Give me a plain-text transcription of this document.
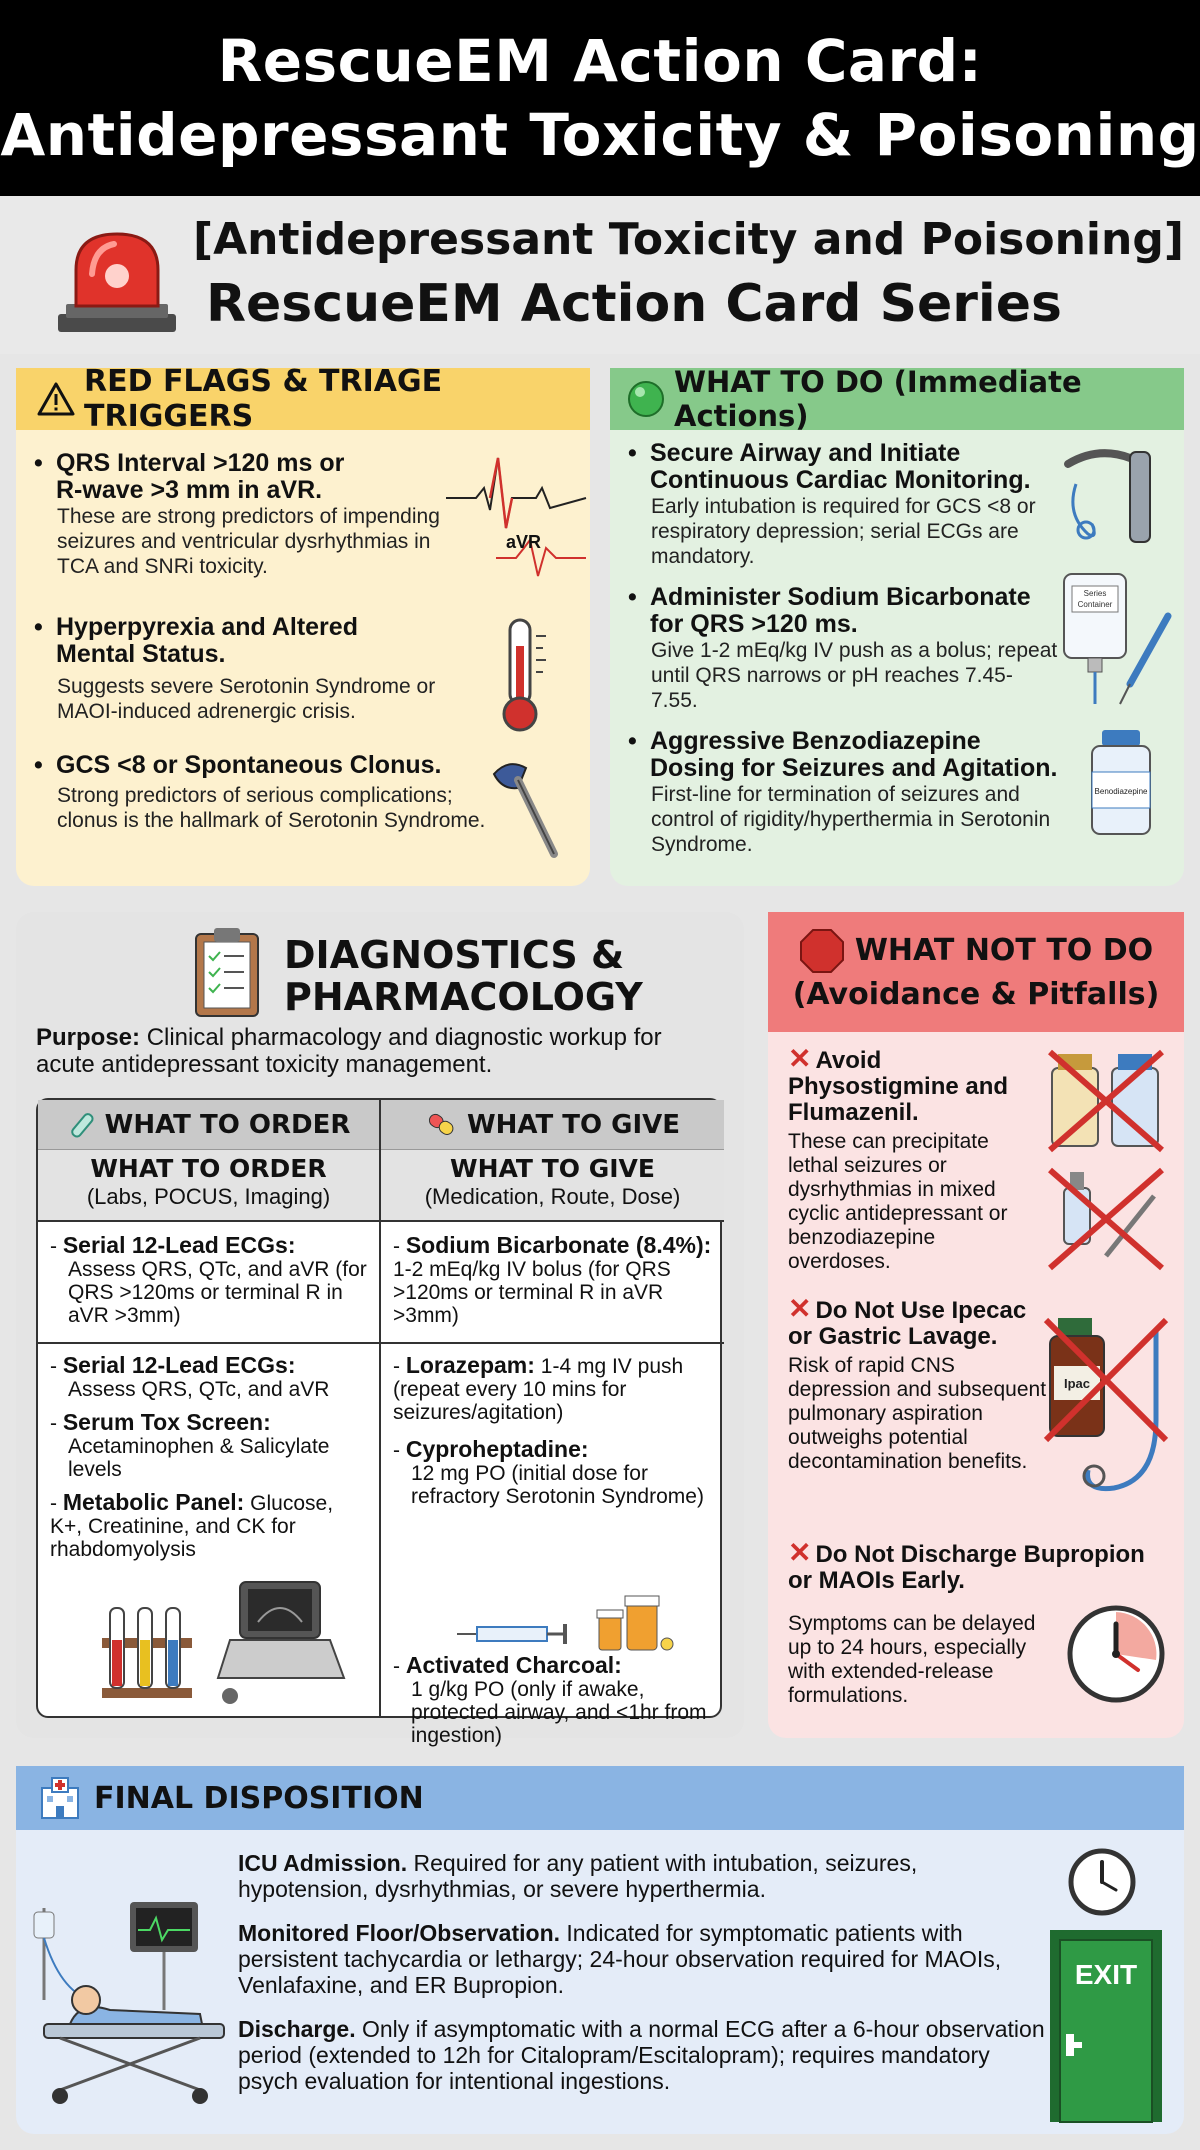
RescueEM Action Card:
Antidepressant Toxicity & Poisoning
[Antidepressant Toxicity and Poisoning]
RescueEM Action Card Series
RED FLAGS & TRIAGE TRIGGERS
• QRS Interval >120 ms or
R-wave >3 mm in aVR.
These are strong predictors of impending seizures and ventricular dysrhythmias in TCA and SNRi toxicity.
• Hyperpyrexia and Altered
Mental Status.
Suggests severe Serotonin Syndrome or MAOI-induced adrenergic crisis.
• GCS <8 or Spontaneous Clonus.
Strong predictors of serious complications; clonus is the hallmark of Serotonin Syndrome.
aVR
WHAT TO DO (Immediate Actions)
• Secure Airway and Initiate
Continuous Cardiac Monitoring.
Early intubation is required for GCS <8 or respiratory depression; serial ECGs are mandatory.
• Administer Sodium Bicarbonate
for QRS >120 ms.
Give 1-2 mEq/kg IV push as a bolus; repeat until QRS narrows or pH reaches 7.45-7.55.
• Aggressive Benzodiazepine
Dosing for Seizures and Agitation.
First-line for termination of seizures and control of rigidity/hyperthermia in Serotonin Syndrome.
Series
Container
Benodiazepine
DIAGNOSTICS &
PHARMACOLOGY
Purpose: Clinical pharmacology and diagnostic workup for acute antidepressant toxicity management.
WHAT TO ORDER
WHAT TO ORDER
(Labs, POCUS, Imaging)
- Serial 12-Lead ECGs:
Assess QRS, QTc, and aVR (for QRS >120ms or terminal R in aVR >3mm)
- Serial 12-Lead ECGs:
Assess QRS, QTc, and aVR
- Serum Tox Screen:
Acetaminophen & Salicylate levels
- Metabolic Panel: Glucose, K+, Creatinine, and CK for rhabdomyolysis
WHAT TO GIVE
WHAT TO GIVE
(Medication, Route, Dose)
- Sodium Bicarbonate (8.4%): 1-2 mEq/kg IV bolus (for QRS >120ms or terminal R in aVR >3mm)
- Lorazepam: 1-4 mg IV push (repeat every 10 mins for seizures/agitation)
- Cyproheptadine:
12 mg PO (initial dose for refractory Serotonin Syndrome)
- Activated Charcoal:
1 g/kg PO (only if awake, protected airway, and <1hr from ingestion)
WHAT NOT TO DO
(Avoidance & Pitfalls)
✕ Avoid Physostigmine and Flumazenil.
These can precipitate lethal seizures or dysrhythmias in mixed cyclic antidepressant or benzodiazepine overdoses.
✕ Do Not Use Ipecac or Gastric Lavage.
Risk of rapid CNS depression and subsequent pulmonary aspiration outweighs potential decontamination benefits.
✕ Do Not Discharge Bupropion or MAOIs Early.
Symptoms can be delayed up to 24 hours, especially with extended-release formulations.
Ipac
FINAL DISPOSITION
ICU Admission. Required for any patient with intubation, seizures, hypotension, dysrhythmias, or severe hyperthermia.
Monitored Floor/Observation. Indicated for symptomatic patients with persistent tachycardia or lethargy; 24-hour observation required for MAOIs, Venlafaxine, and ER Bupropion.
Discharge. Only if asymptomatic with a normal ECG after a 6-hour observation period (extended to 12h for Citalopram/Escitalopram); requires mandatory psych evaluation for intentional ingestions.
EXIT
